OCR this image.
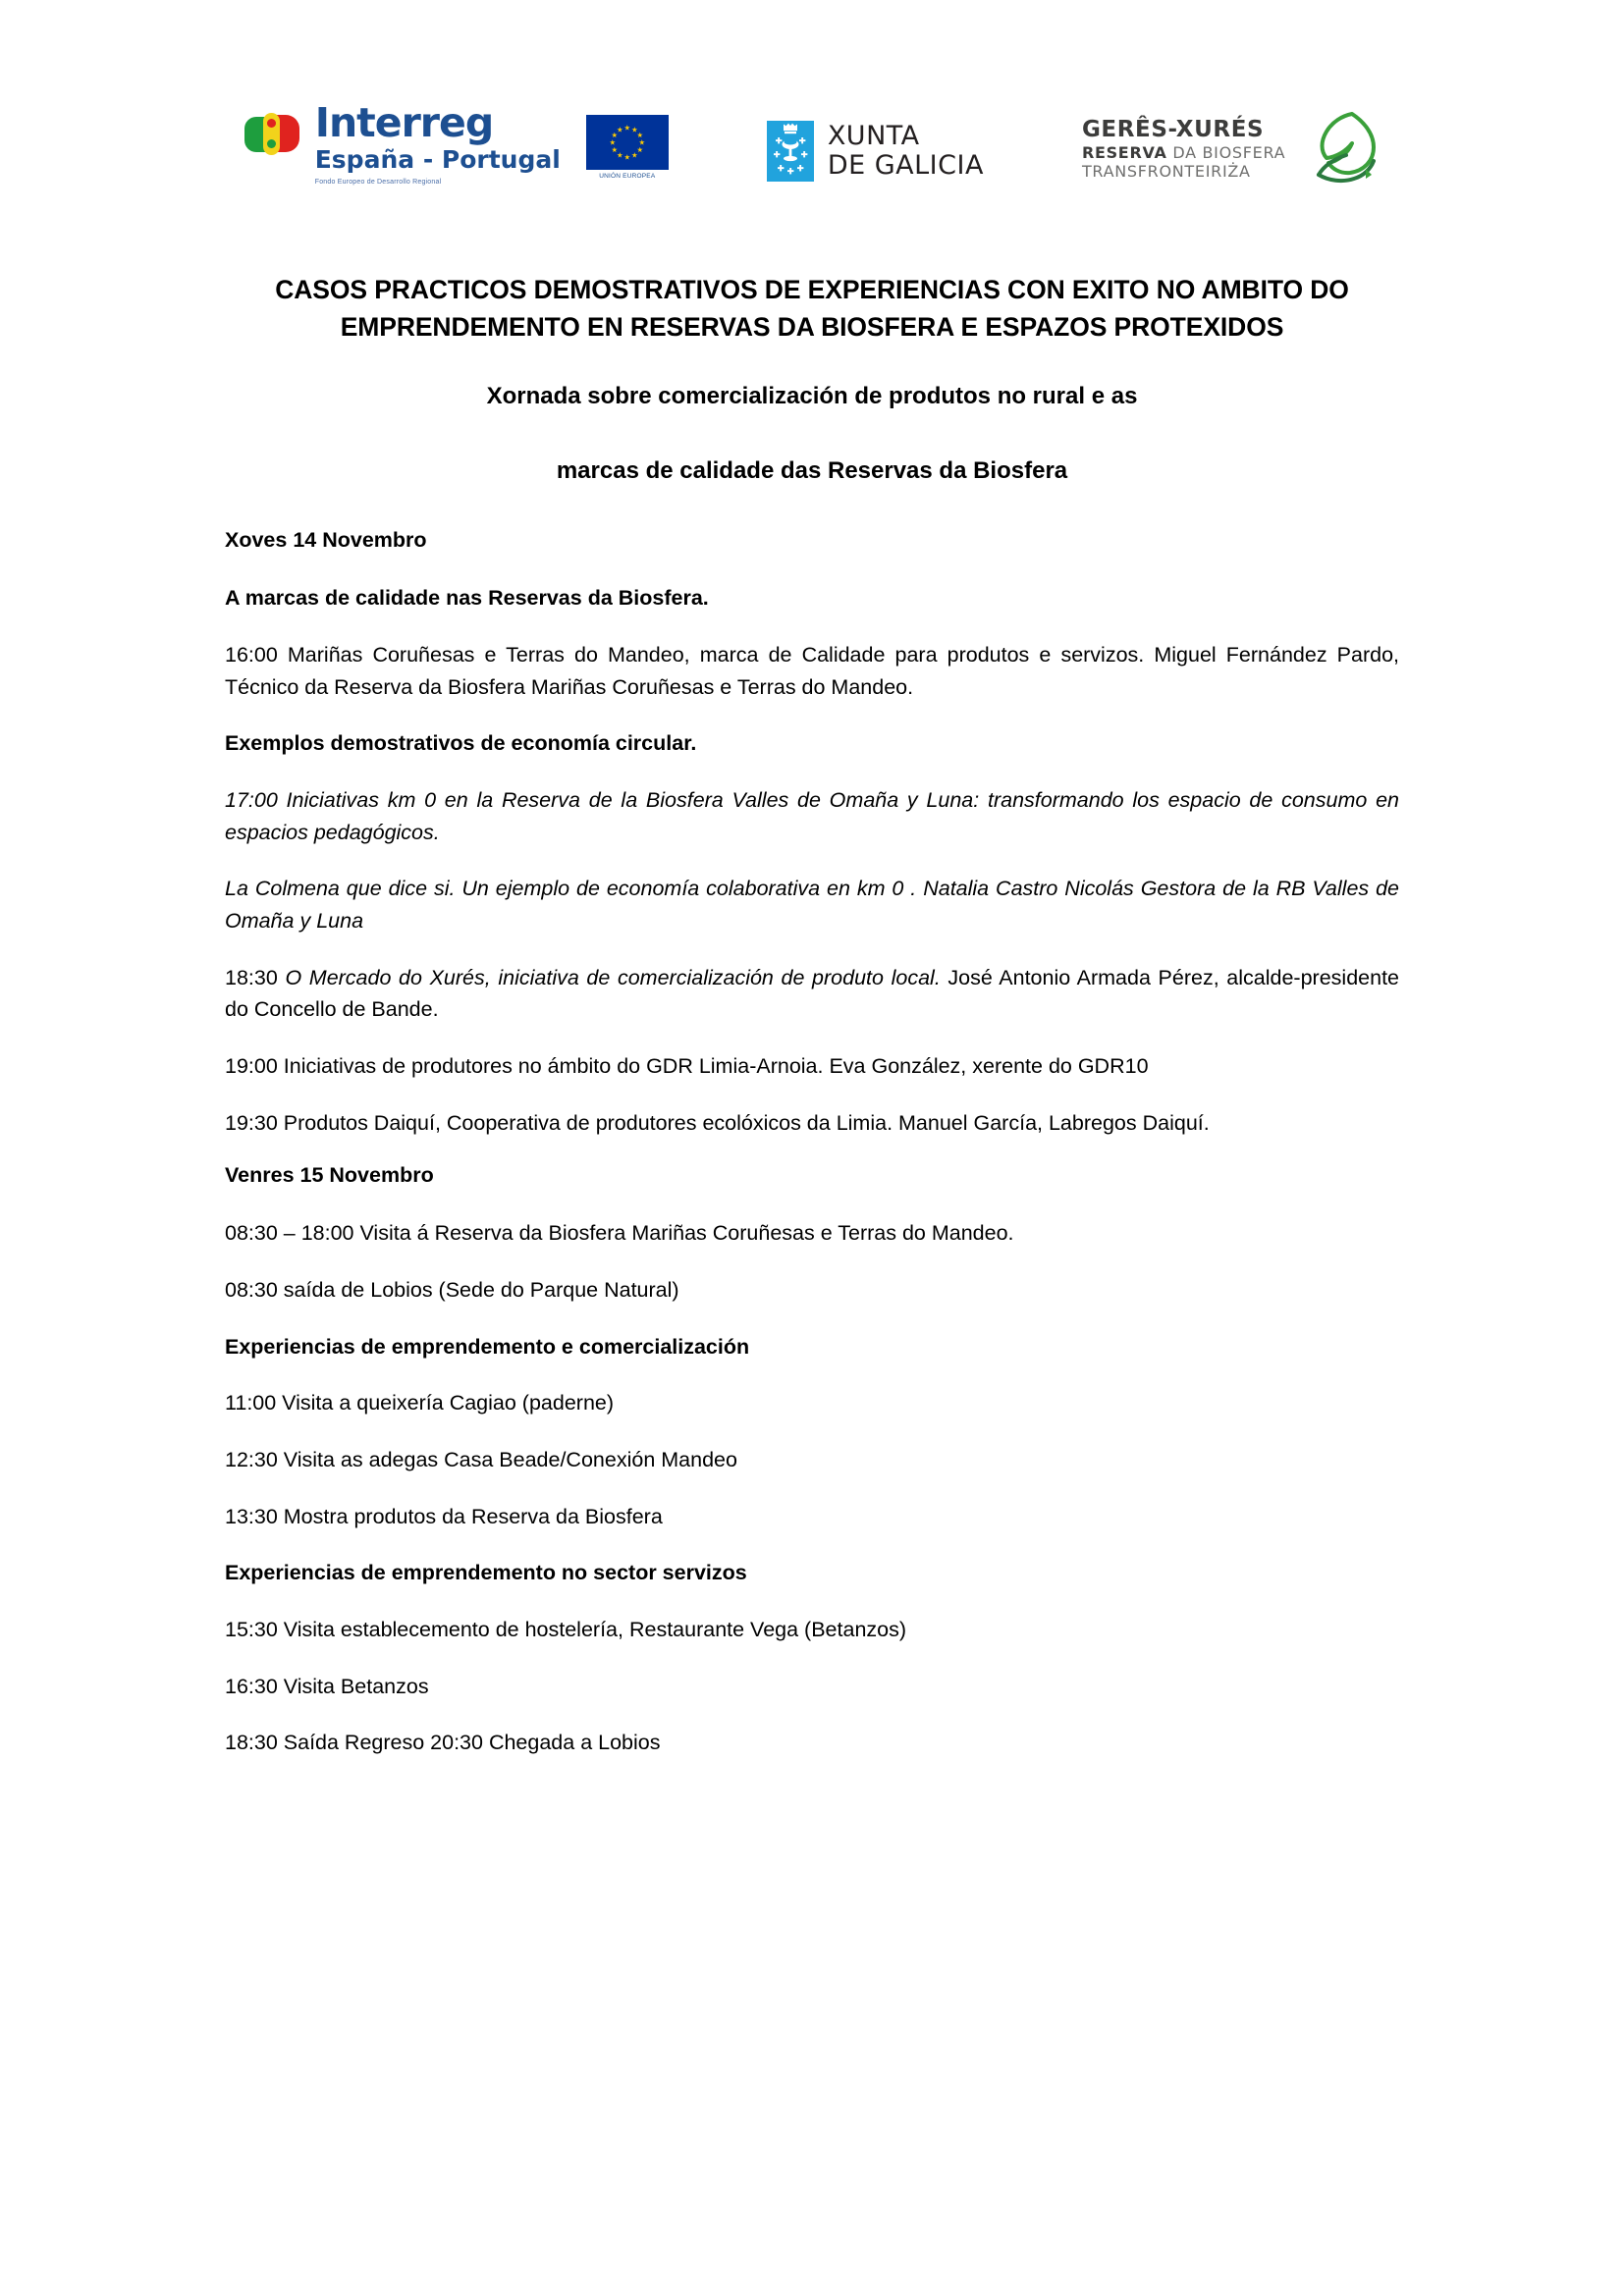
Interreg
España - Portugal
Fondo Europeo de Desarrollo Regional
UNIÓN EUROPEA
XUNTA
DE GALICIA
GERÊS-XURÉS
RESERVA DA BIOSFERA
TRANSFRONTEIRIŻA
CASOS PRACTICOS DEMOSTRATIVOS DE EXPERIENCIAS CON EXITO NO AMBITO DO EMPRENDEMENTO EN RESERVAS DA BIOSFERA E ESPAZOS PROTEXIDOS
Xornada sobre comercialización de produtos no rural e as
marcas de calidade das Reservas da Biosfera
Xoves 14 Novembro

A marcas de calidade nas Reservas da Biosfera.

16:00 Mariñas Coruñesas e Terras do Mandeo, marca de Calidade para produtos e servizos. Miguel Fernández Pardo, Técnico da Reserva da Biosfera Mariñas Coruñesas e Terras do Mandeo.

Exemplos demostrativos de economía circular.

17:00 Iniciativas km 0 en la Reserva de la Biosfera Valles de Omaña y Luna: transformando los espacio de consumo en espacios pedagógicos.

La Colmena que dice si. Un ejemplo de economía colaborativa en km 0 . Natalia Castro Nicolás Gestora de la RB Valles de Omaña y Luna

18:30 O Mercado do Xurés, iniciativa de comercialización de produto local. José Antonio Armada Pérez, alcalde-presidente do Concello de Bande.

19:00 Iniciativas de produtores no ámbito do GDR Limia-Arnoia. Eva González, xerente do GDR10

19:30 Produtos Daiquí, Cooperativa de produtores ecolóxicos da Limia. Manuel García, Labregos Daiquí.

Venres 15 Novembro

08:30 – 18:00 Visita á Reserva da Biosfera Mariñas Coruñesas e Terras do Mandeo.

08:30 saída de Lobios (Sede do Parque Natural)

Experiencias de emprendemento e comercialización

11:00 Visita a queixería Cagiao (paderne)

12:30 Visita as adegas Casa Beade/Conexión Mandeo

13:30 Mostra produtos da Reserva da Biosfera

Experiencias de emprendemento no sector servizos

15:30 Visita establecemento de hostelería, Restaurante Vega (Betanzos)

16:30 Visita Betanzos

18:30 Saída Regreso 20:30 Chegada a Lobios
